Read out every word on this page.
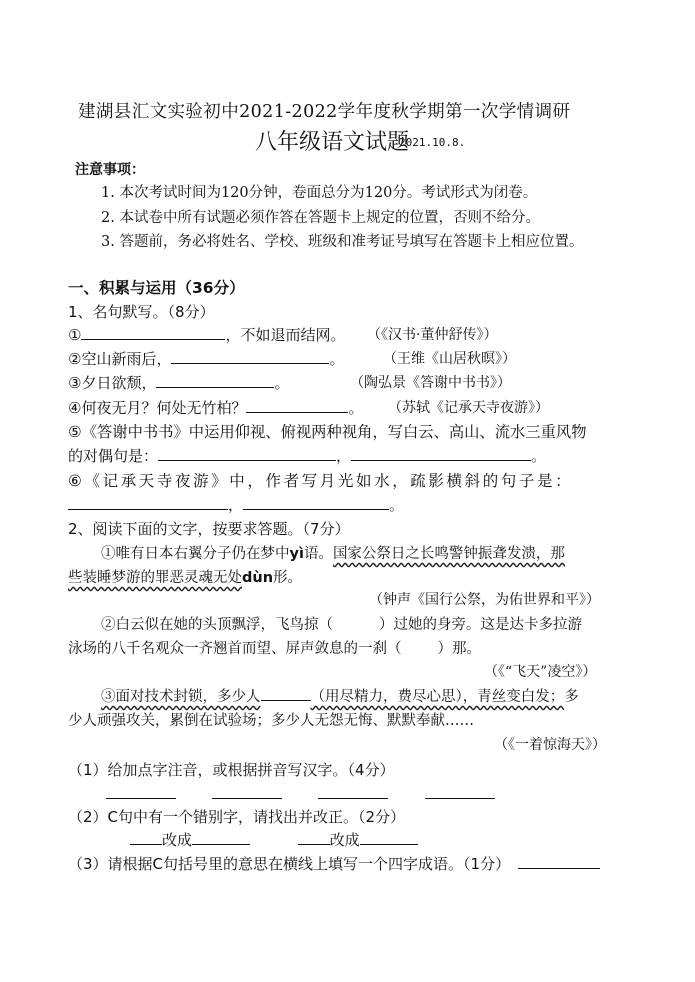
建湖县汇文实验初中2021-2022学年度秋学期第一次学情调研
八年级语文试题
2021.10.8.
注意事项：
1. 本次考试时间为120分钟，卷面总分为120分。考试形式为闭卷。
2. 本试卷中所有试题必须作答在答题卡上规定的位置，否则不给分。
3. 答题前，务必将姓名、学校、班级和准考证号填写在答题卡上相应位置。
一、积累与运用（36分）
1、名句默写。（8分）
①	，不如退而结网。 （《汉书·董仲舒传》）
②空山新雨后，	。	（王维《山居秋暝》）
③夕日欲颓，	。	（陶弘景《答谢中书书》）
④何夜无月？何处无竹柏？	。 （苏轼《记承天寺夜游》）
⑤《答谢中书书》中运用仰视、俯视两种视角，写白云、高山、流水三重风物
的对偶句是：	，	。
⑥《记承天寺夜游》中，作者写月光如水，疏影横斜的句子是：
，	。
2、阅读下面的文字，按要求答题。（7分）
①唯有日本右翼分子仍在梦中yì语。国家公祭日之长鸣警钟振聋发溃，那
些装睡梦游的罪恶灵魂无处dùn形。
（钟声《国行公祭，为佑世界和平》）
②白云似在她的头顶飘浮，飞鸟掠（	）过她的身旁。这是达卡多拉游
泳场的八千名观众一齐翘首而望、屏声敛息的一刹（ ）那。
（《“飞天”凌空》）
③面对技术封锁，多少人	（用尽精力，费尽心思），青丝变白发；多
少人顽强攻关，累倒在试验场；多少人无怨无悔、默默奉献……
（《一着惊海天》）
（1）给加点字注音，或根据拼音写汉字。（4分）

（2）C句中有一个错别字，请找出并改正。（2分）
改成	改成
（3）请根据C句括号里的意思在横线上填写一个四字成语。（1分）
